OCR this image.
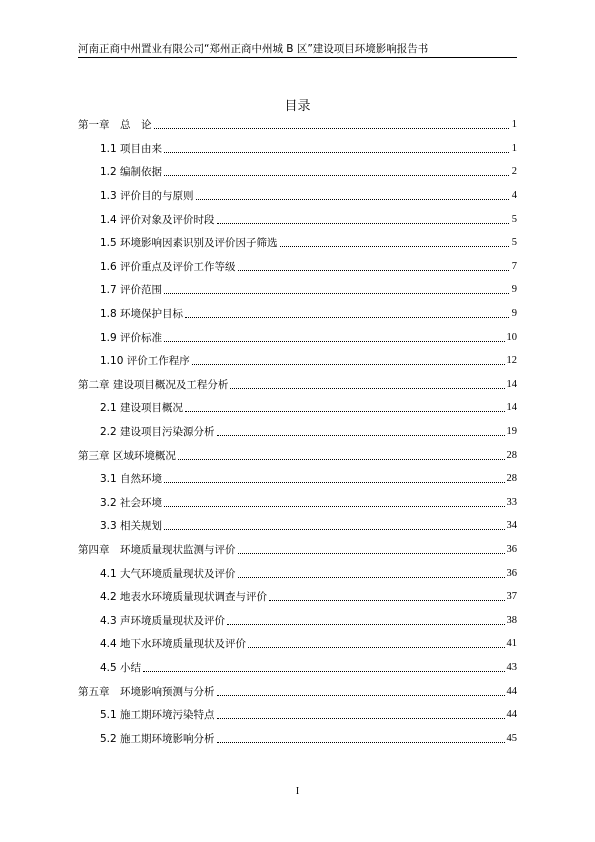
河南正商中州置业有限公司“郑州正商中州城 B 区”建设项目环境影响报告书
目录
第一章　总　论	1
1.1 项目由来	1
1.2 编制依据	2
1.3 评价目的与原则	4
1.4 评价对象及评价时段	5
1.5 环境影响因素识别及评价因子筛选	5
1.6 评价重点及评价工作等级	7
1.7 评价范围	9
1.8 环境保护目标	9
1.9 评价标准	10
1.10 评价工作程序	12
第二章 建设项目概况及工程分析	14
2.1 建设项目概况	14
2.2 建设项目污染源分析	19
第三章 区域环境概况	28
3.1 自然环境	28
3.2 社会环境	33
3.3 相关规划	34
第四章　环境质量现状监测与评价	36
4.1 大气环境质量现状及评价	36
4.2 地表水环境质量现状调查与评价	37
4.3 声环境质量现状及评价	38
4.4 地下水环境质量现状及评价	41
4.5 小结	43
第五章　环境影响预测与分析	44
5.1 施工期环境污染特点	44
5.2 施工期环境影响分析	45
I
